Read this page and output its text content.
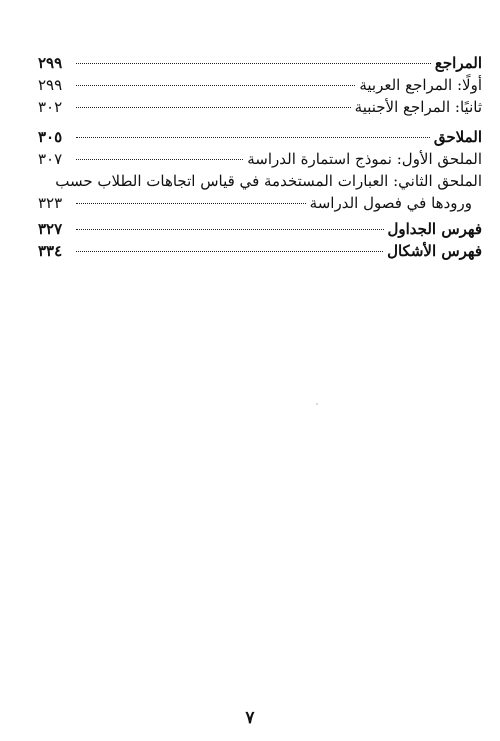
المراجع
٢٩٩
أولًا: المراجع العربية
٢٩٩
ثانيًا: المراجع الأجنبية
٣٠٢
الملاحق
٣٠٥
الملحق الأول: نموذج استمارة الدراسة
٣٠٧
الملحق الثاني: العبارات المستخدمة في قياس اتجاهات الطلاب حسب
ورودها في فصول الدراسة
٣٢٣
فهرس الجداول
٣٢٧
فهرس الأشكال
٣٣٤
٧
